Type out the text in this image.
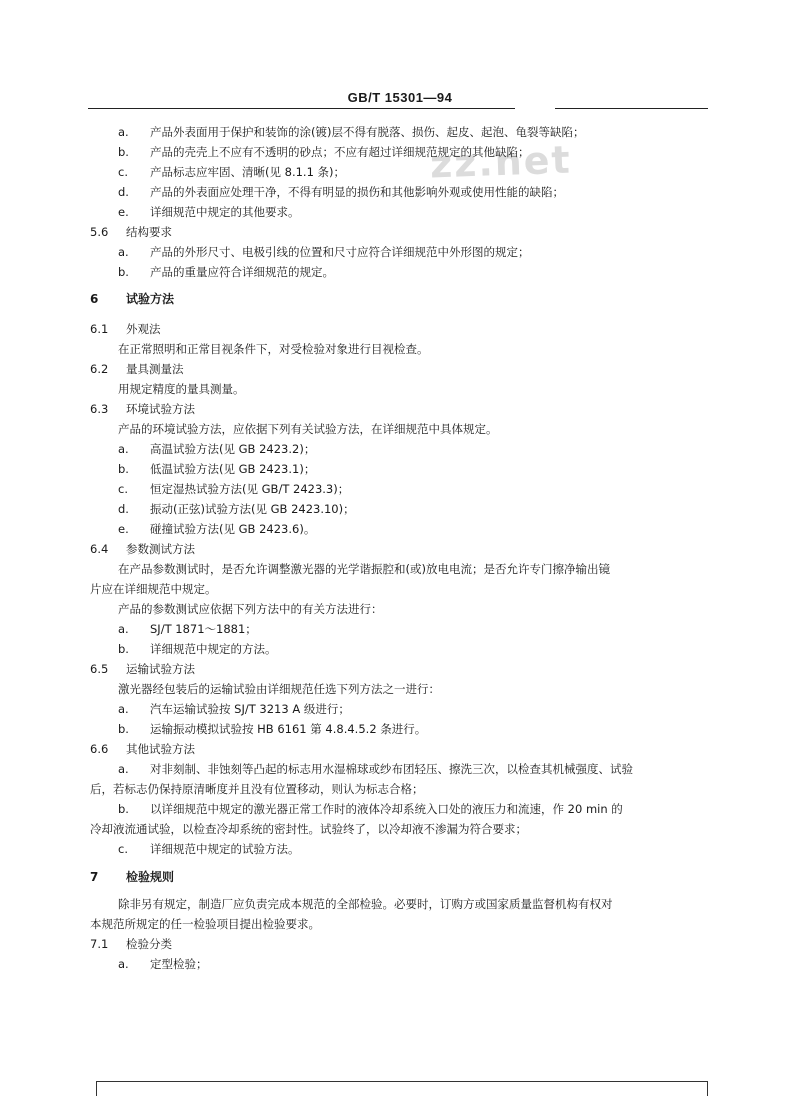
GB/T 15301—94
zz.net
a. 产品外表面用于保护和装饰的涂(镀)层不得有脱落、损伤、起皮、起泡、龟裂等缺陷；
b. 产品的壳壳上不应有不透明的砂点；不应有超过详细规范规定的其他缺陷；
c. 产品标志应牢固、清晰(见 8.1.1 条)；
d. 产品的外表面应处理干净，不得有明显的损伤和其他影响外观或使用性能的缺陷；
e. 详细规范中规定的其他要求。
5.6 结构要求
a. 产品的外形尺寸、电极引线的位置和尺寸应符合详细规范中外形图的规定；
b. 产品的重量应符合详细规范的规定。
6 试验方法
6.1 外观法
在正常照明和正常目视条件下，对受检验对象进行目视检查。
6.2 量具测量法
用规定精度的量具测量。
6.3 环境试验方法
产品的环境试验方法，应依据下列有关试验方法，在详细规范中具体规定。
a. 高温试验方法(见 GB 2423.2)；
b. 低温试验方法(见 GB 2423.1)；
c. 恒定湿热试验方法(见 GB/T 2423.3)；
d. 振动(正弦)试验方法(见 GB 2423.10)；
e. 碰撞试验方法(见 GB 2423.6)。
6.4 参数测试方法
在产品参数测试时，是否允许调整激光器的光学谐振腔和(或)放电电流；是否允许专门擦净输出镜
片应在详细规范中规定。
产品的参数测试应依据下列方法中的有关方法进行：
a. SJ/T 1871～1881；
b. 详细规范中规定的方法。
6.5 运输试验方法
激光器经包装后的运输试验由详细规范任选下列方法之一进行：
a. 汽车运输试验按 SJ/T 3213 A 级进行；
b. 运输振动模拟试验按 HB 6161 第 4.8.4.5.2 条进行。
6.6 其他试验方法
a. 对非刻制、非蚀刻等凸起的标志用水湿棉球或纱布团轻压、擦洗三次，以检查其机械强度、试验
后，若标志仍保持原清晰度并且没有位置移动，则认为标志合格；
b. 以详细规范中规定的激光器正常工作时的液体冷却系统入口处的液压力和流速，作 20 min 的
冷却液流通试验，以检查冷却系统的密封性。试验终了，以冷却液不渗漏为符合要求；
c. 详细规范中规定的试验方法。
7 检验规则
除非另有规定，制造厂应负责完成本规范的全部检验。必要时，订购方或国家质量监督机构有权对
本规范所规定的任一检验项目提出检验要求。
7.1 检验分类
a. 定型检验；
